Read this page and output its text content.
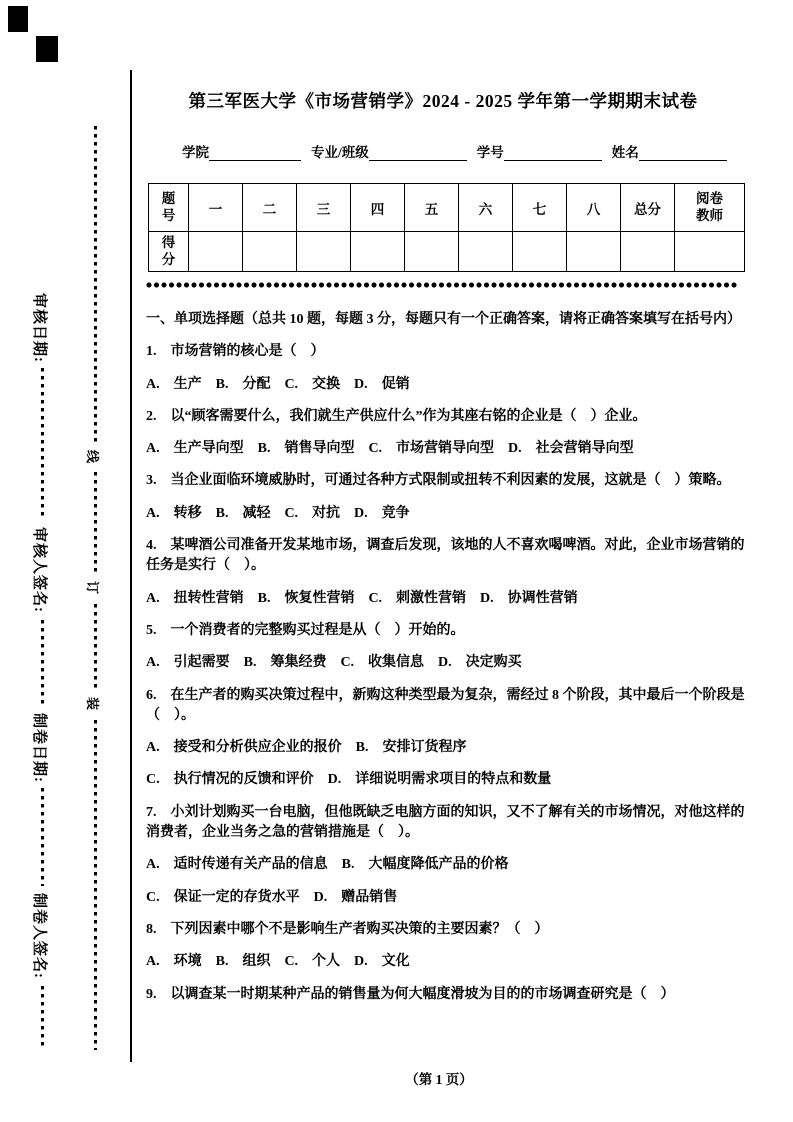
审核日期:
审核人签名:
制卷日期:
制卷人签名:
线
订
装
第三军医大学《市场营销学》2024 - 2025 学年第一学期期末试卷
学院	专业/班级	学号	姓名
题号	一	二	三	四	五	六	七	八	总分	阅卷教师
得分										

一、单项选择题（总共 10 题，每题 3 分，每题只有一个正确答案，请将正确答案填写在括号内）

1.　市场营销的核心是（　）

A.　生产　B.　分配　C.　交换　D.　促销

2.　以“顾客需要什么，我们就生产供应什么”作为其座右铭的企业是（　）企业。

A.　生产导向型　B.　销售导向型　C.　市场营销导向型　D.　社会营销导向型

3.　当企业面临环境威胁时，可通过各种方式限制或扭转不利因素的发展，这就是（　）策略。

A.　转移　B.　减轻　C.　对抗　D.　竞争

4.　某啤酒公司准备开发某地市场，调查后发现，该地的人不喜欢喝啤酒。对此，企业市场营销的任务是实行（　）。

A.　扭转性营销　B.　恢复性营销　C.　刺激性营销　D.　协调性营销

5.　一个消费者的完整购买过程是从（　）开始的。

A.　引起需要　B.　筹集经费　C.　收集信息　D.　决定购买

6.　在生产者的购买决策过程中，新购这种类型最为复杂，需经过 8 个阶段，其中最后一个阶段是（　）。

A.　接受和分析供应企业的报价　B.　安排订货程序

C.　执行情况的反馈和评价　D.　详细说明需求项目的特点和数量

7.　小刘计划购买一台电脑，但他既缺乏电脑方面的知识，又不了解有关的市场情况，对他这样的消费者，企业当务之急的营销措施是（　）。

A.　适时传递有关产品的信息　B.　大幅度降低产品的价格

C.　保证一定的存货水平　D.　赠品销售

8.　下列因素中哪个不是影响生产者购买决策的主要因素？（　）

A.　环境　B.　组织　C.　个人　D.　文化

9.　以调查某一时期某种产品的销售量为何大幅度滑坡为目的的市场调查研究是（　）

（第 1 页）
